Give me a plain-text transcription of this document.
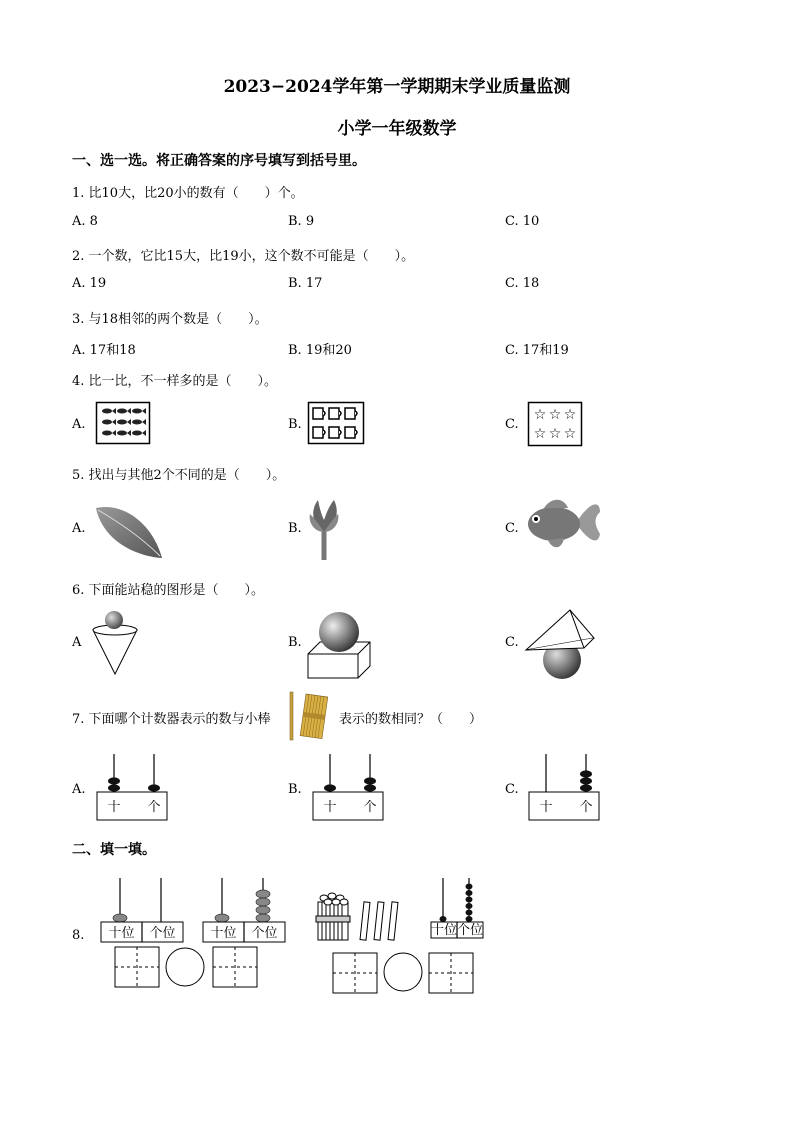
2023−2024学年第一学期期末学业质量监测
小学一年级数学
一、选一选。将正确答案的序号填写到括号里。
1. 比10大，比20小的数有（　　）个。
A. 8	B. 9	C. 10
2. 一个数，它比15大，比19小，这个数不可能是（　　）。
A. 19	B. 17	C. 18
3. 与18相邻的两个数是（　　）。
A. 17和18	B. 19和20	C. 17和19
4. 比一比，不一样多的是（　　）。
A.	B.	C.
☆ ☆ ☆
☆ ☆ ☆
5. 找出与其他2个不同的是（　　）。
A.	B.	C.
6. 下面能站稳的图形是（　　）。
A	B.	C.
7. 下面哪个计数器表示的数与小棒	表示的数相同？（　　）
A.	B.	C.
十 个	十 个	十 个
二、填一填。
8. 十位 个位	十位 个位	十位 个位
